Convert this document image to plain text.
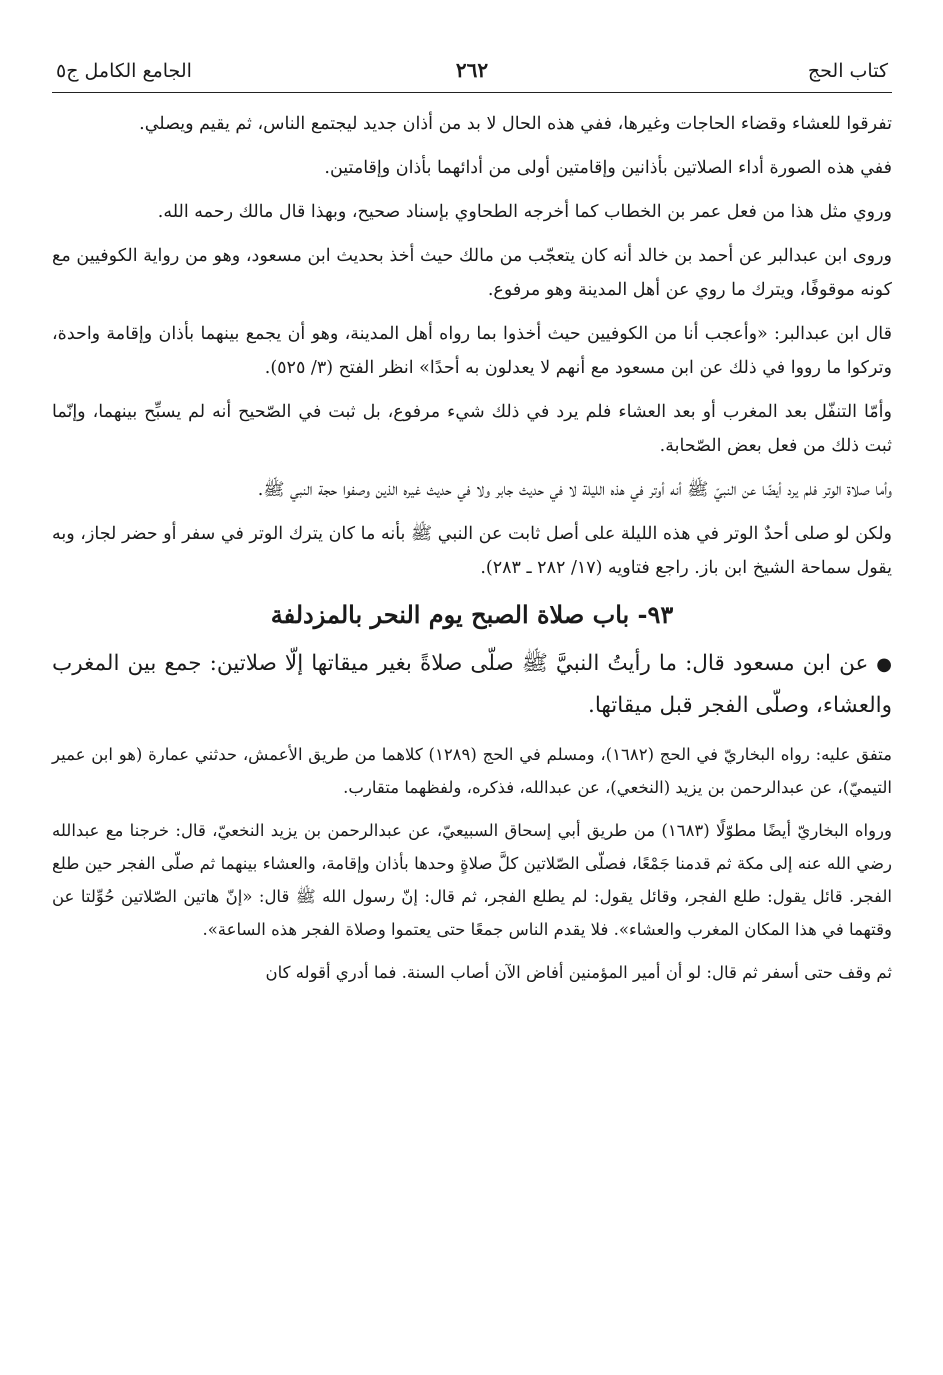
كتاب الحج
٢٦٢
الجامع الكامل ج٥

تفرقوا للعشاء وقضاء الحاجات وغيرها، ففي هذه الحال لا بد من أذان جديد ليجتمع الناس، ثم يقيم ويصلي.

ففي هذه الصورة أداء الصلاتين بأذانين وإقامتين أولى من أدائهما بأذان وإقامتين.

وروي مثل هذا من فعل عمر بن الخطاب كما أخرجه الطحاوي بإسناد صحيح، وبهذا قال مالك رحمه الله.

وروى ابن عبدالبر عن أحمد بن خالد أنه كان يتعجّب من مالك حيث أخذ بحديث ابن مسعود، وهو من رواية الكوفيين مع كونه موقوفًا، ويترك ما روي عن أهل المدينة وهو مرفوع.

قال ابن عبدالبر: «وأعجب أنا من الكوفيين حيث أخذوا بما رواه أهل المدينة، وهو أن يجمع بينهما بأذان وإقامة واحدة، وتركوا ما رووا في ذلك عن ابن مسعود مع أنهم لا يعدلون به أحدًا» انظر الفتح (٣/ ٥٢٥).

وأمّا التنفّل بعد المغرب أو بعد العشاء فلم يرد في ذلك شيء مرفوع، بل ثبت في الصّحيح أنه لم يسبِّح بينهما، وإنّما ثبت ذلك من فعل بعض الصّحابة.

وأما صلاة الوتر فلم يرد أيضًا عن النبيّ ﷺ أنه أوتر في هذه الليلة لا في حديث جابر ولا في حديث غيره الذين وصفوا حجة النبي ﷺ.

ولكن لو صلى أحدٌ الوتر في هذه الليلة على أصل ثابت عن النبي ﷺ بأنه ما كان يترك الوتر في سفر أو حضر لجاز، وبه يقول سماحة الشيخ ابن باز. راجع فتاويه (١٧/ ٢٨٢ ـ ٢٨٣).

٩٣- باب صلاة الصبح يوم النحر بالمزدلفة

●عن ابن مسعود قال: ما رأيتُ النبيَّ ﷺ صلّى صلاةً بغير ميقاتها إلّا صلاتين: جمع بين المغرب والعشاء، وصلّى الفجر قبل ميقاتها.

متفق عليه: رواه البخاريّ في الحج (١٦٨٢)، ومسلم في الحج (١٢٨٩) كلاهما من طريق الأعمش، حدثني عمارة (هو ابن عمير التيميّ)، عن عبدالرحمن بن يزيد (النخعي)، عن عبدالله، فذكره، ولفظهما متقارب.

ورواه البخاريّ أيضًا مطوّلًا (١٦٨٣) من طريق أبي إسحاق السبيعيّ، عن عبدالرحمن بن يزيد النخعيّ، قال: خرجنا مع عبدالله رضي الله عنه إلى مكة ثم قدمنا جَمْعًا، فصلّى الصّلاتين كلَّ صلاةٍ وحدها بأذان وإقامة، والعشاء بينهما ثم صلّى الفجر حين طلع الفجر. قائل يقول: طلع الفجر، وقائل يقول: لم يطلع الفجر، ثم قال: إنّ رسول الله ﷺ قال: «إنّ هاتين الصّلاتين حُوِّلتا عن وقتهما في هذا المكان المغرب والعشاء». فلا يقدم الناس جمعًا حتى يعتموا وصلاة الفجر هذه الساعة».

ثم وقف حتى أسفر ثم قال: لو أن أمير المؤمنين أفاض الآن أصاب السنة. فما أدري أقوله كان
